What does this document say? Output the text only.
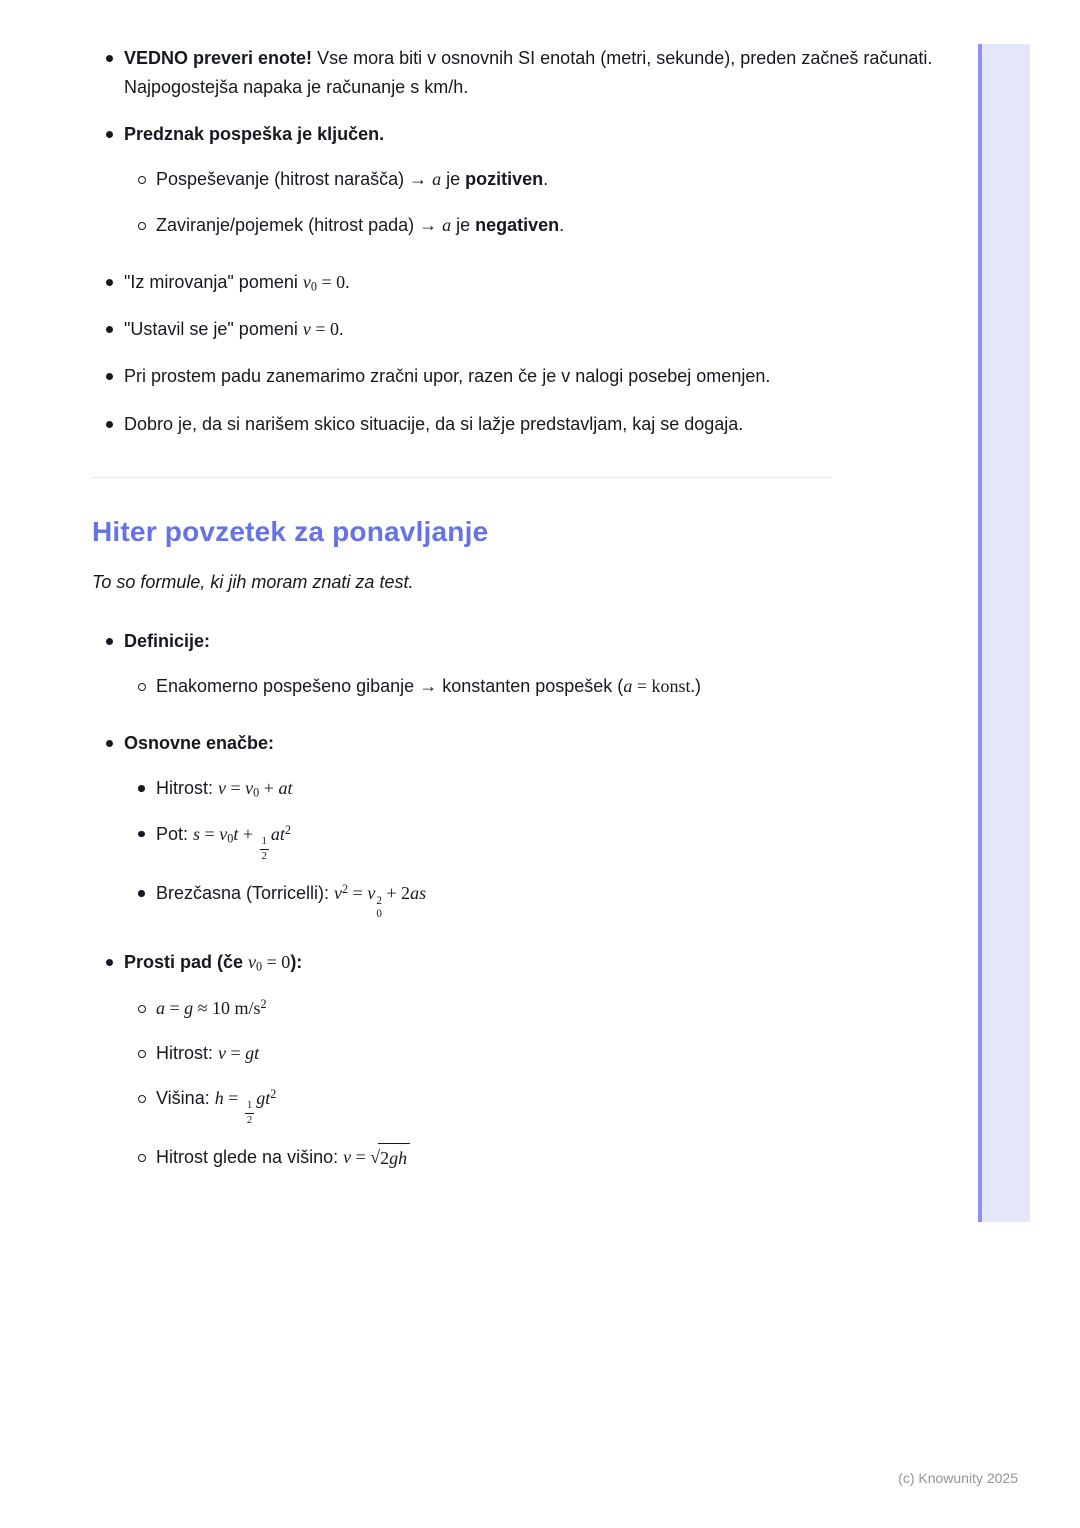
VEDNO preveri enote! Vse mora biti v osnovnih SI enotah (metri, sekunde), preden začneš računati. Najpogostejša napaka je računanje s km/h.
Predznak pospeška je ključen.
Pospeševanje (hitrost narašča) → a je pozitiven.
Zaviranje/pojemek (hitrost pada) → a je negativen.
"Iz mirovanja" pomeni $v_0 = 0$.
"Ustavil se je" pomeni v = 0.
Pri prostem padu zanemarimo zračni upor, razen če je v nalogi posebej omenjen.
Dobro je, da si narišem skico situacije, da si lažje predstavljam, kaj se dogaja.
Hiter povzetek za ponavljanje

To so formule, ki jih moram znati za test.

Definicije:
Enakomerno pospešeno gibanje → konstanten pospešek (a = konst.)
Osnovne enačbe:
Hitrost: $v = v_0$ + at
Pot: $s = v_0t$ +
$\frac{1}{2}$
$at^2$
Brezčasna (Torricelli): $v^2 = v$ 2
0
+ 2as
Prosti pad (če $v_0 = 0$):
a = g ≈ 10 $m/s^2$
Hitrost: v = gt
Višina: h =
$\frac{1}{2}$
$gt^2$
Hitrost glede na višino: v = √ 2gh
(c) Knowunity 2025
